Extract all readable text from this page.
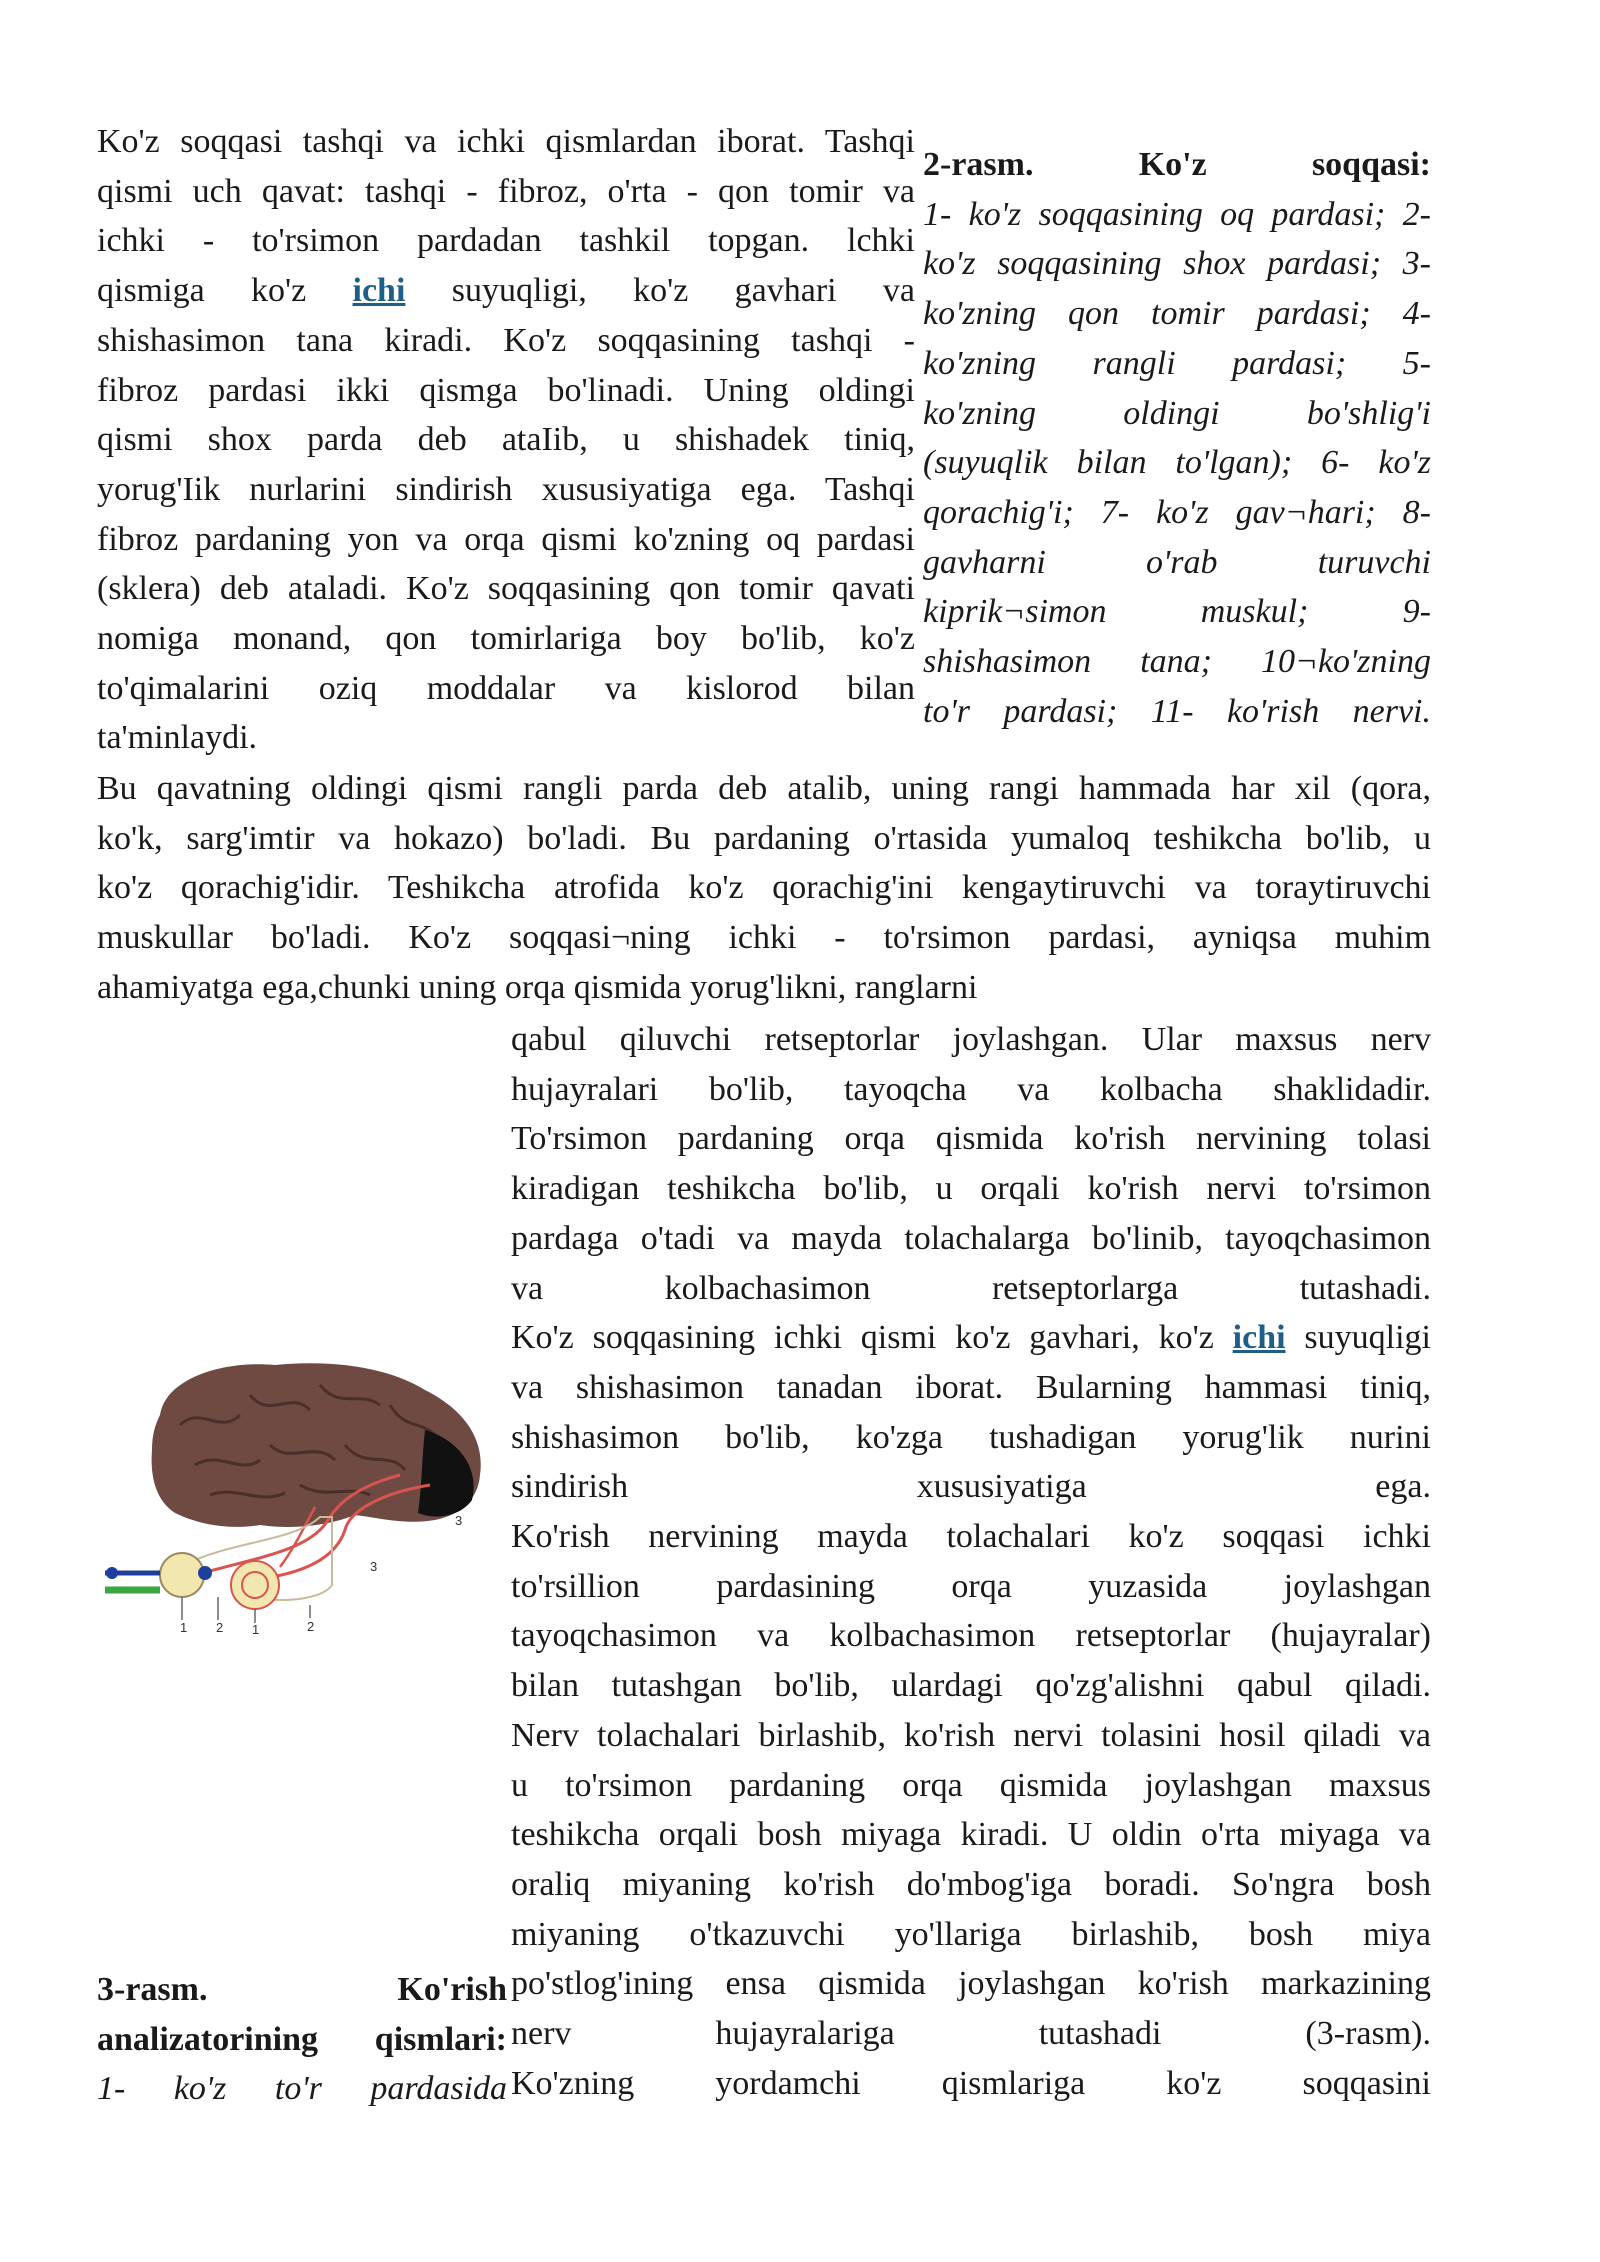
Ko'z soqqasi tashqi va ichki qismlardan iborat. Tashqi
qismi uch qavat: tashqi - fibroz, o'rta - qon tomir va
ichki - to'rsimon pardadan tashkil topgan. lchki
qismiga ko'z ichi suyuqligi, ko'z gavhari va
shishasimon tana kiradi. Ko'z soqqasining tashqi -
fibroz pardasi ikki qismga bo'linadi. Uning oldingi
qismi shox parda deb ataIib, u shishadek tiniq,
yorug'Iik nurlarini sindirish xususiyatiga ega. Tashqi
fibroz pardaning yon va orqa qismi ko'zning oq pardasi
(sklera) deb ataladi. Ko'z soqqasining qon tomir qavati
nomiga monand, qon tomirlariga boy bo'lib, ko'z
to'qimalarini oziq moddalar va kislorod bilan
ta'minlaydi.
2-rasm. Ko'z soqqasi:
1- ko'z soqqasining oq pardasi; 2-
ko'z soqqasining shox pardasi; 3-
ko'zning qon tomir pardasi; 4-
ko'zning rangli pardasi; 5-
ko'zning oldingi bo'shlig'i
(suyuqlik bilan to'lgan); 6- ko'z
qorachig'i; 7- ko'z gav¬hari; 8-
gavharni o'rab turuvchi
kiprik¬simon muskul; 9-
shishasimon tana; 10¬ko'zning
to'r pardasi; 11- ko'rish nervi.
Bu qavatning oldingi qismi rangli parda deb atalib, uning rangi hammada har xil (qora,
ko'k, sarg'imtir va hokazo) bo'ladi. Bu pardaning o'rtasida yumaloq teshikcha bo'lib, u
ko'z qorachig'idir. Teshikcha atrofida ko'z qorachig'ini kengaytiruvchi va toraytiruvchi
muskullar bo'ladi. Ko'z soqqasi¬ning ichki - to'rsimon pardasi, ayniqsa muhim
ahamiyatga ega,chunki uning orqa qismida yorug'likni, ranglarni
1 2 1	2
3
3
qabul qiluvchi retseptorlar joylashgan. Ular maxsus nerv
hujayralari bo'lib, tayoqcha va kolbacha shaklidadir.
To'rsimon pardaning orqa qismida ko'rish nervining tolasi
kiradigan teshikcha bo'lib, u orqali ko'rish nervi to'rsimon
pardaga o'tadi va mayda tolachalarga bo'linib, tayoqchasimon
va kolbachasimon retseptorlarga tutashadi.
Ko'z soqqasining ichki qismi ko'z gavhari, ko'z ichi suyuqligi
va shishasimon tanadan iborat. Bularning hammasi tiniq,
shishasimon bo'lib, ko'zga tushadigan yorug'lik nurini
sindirish xususiyatiga ega.
Ko'rish nervining mayda tolachalari ko'z soqqasi ichki
to'rsillion pardasining orqa yuzasida joylashgan
tayoqchasimon va kolbachasimon retseptorlar (hujayralar)
bilan tutashgan bo'lib, ulardagi qo'zg'alishni qabul qiladi.
Nerv tolachalari birlashib, ko'rish nervi tolasini hosil qiladi va
u to'rsimon pardaning orqa qismida joylashgan maxsus
teshikcha orqali bosh miyaga kiradi. U oldin o'rta miyaga va
oraliq miyaning ko'rish do'mbog'iga boradi. So'ngra bosh
miyaning o'tkazuvchi yo'llariga birlashib, bosh miya
po'stlog'ining ensa qismida joylashgan ko'rish markazining
nerv hujayralariga tutashadi (3-rasm).
Ko'zning yordamchi qismlariga ko'z soqqasini
3-rasm. Ko'rish
analizatorining qismlari:
1- ko'z to'r pardasida
